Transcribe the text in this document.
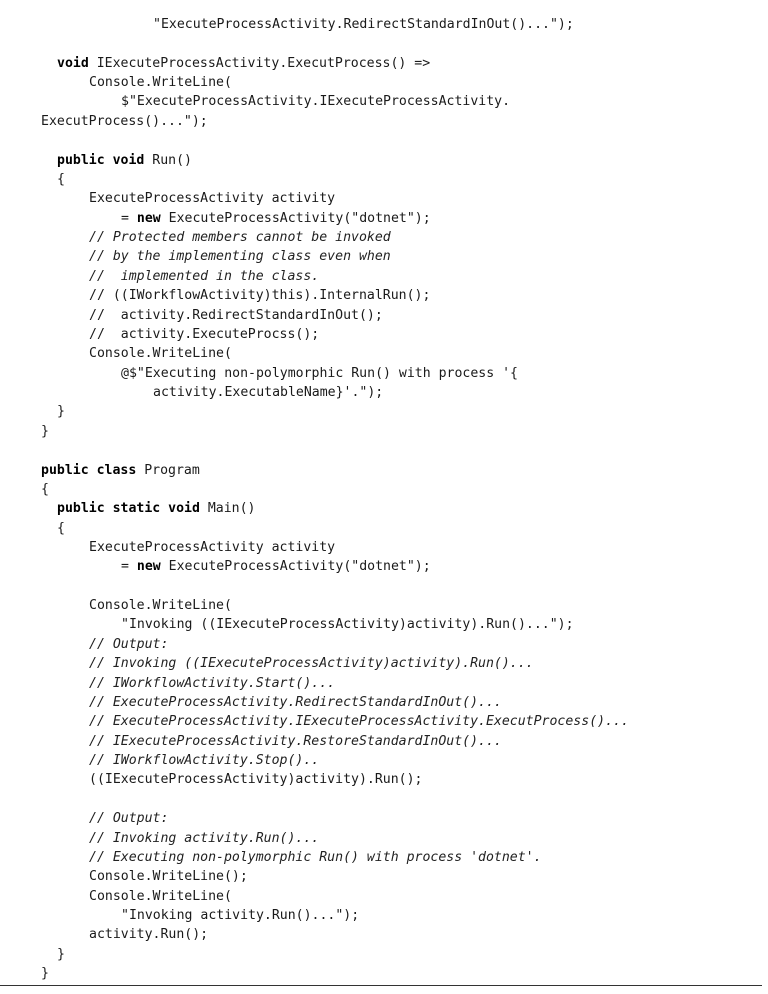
"ExecuteProcessActivity.RedirectStandardInOut()...");
void IExecuteProcessActivity.ExecutProcess() =>
Console.WriteLine(
$"ExecuteProcessActivity.IExecuteProcessActivity.
ExecutProcess()...");
public void Run()
{
ExecuteProcessActivity activity
= new ExecuteProcessActivity("dotnet");
// Protected members cannot be invoked
// by the implementing class even when
//  implemented in the class.
// ((IWorkflowActivity)this).InternalRun();
//  activity.RedirectStandardInOut();
//  activity.ExecuteProcss();
Console.WriteLine(
@$"Executing non-polymorphic Run() with process '{
activity.ExecutableName}'.");
}
}
public class Program
{
public static void Main()
{
ExecuteProcessActivity activity
= new ExecuteProcessActivity("dotnet");
Console.WriteLine(
"Invoking ((IExecuteProcessActivity)activity).Run()...");
// Output:
// Invoking ((IExecuteProcessActivity)activity).Run()...
// IWorkflowActivity.Start()...
// ExecuteProcessActivity.RedirectStandardInOut()...
// ExecuteProcessActivity.IExecuteProcessActivity.ExecutProcess()...
// IExecuteProcessActivity.RestoreStandardInOut()...
// IWorkflowActivity.Stop()..
((IExecuteProcessActivity)activity).Run();
// Output:
// Invoking activity.Run()...
// Executing non-polymorphic Run() with process 'dotnet'.
Console.WriteLine();
Console.WriteLine(
"Invoking activity.Run()...");
activity.Run();
}
}
